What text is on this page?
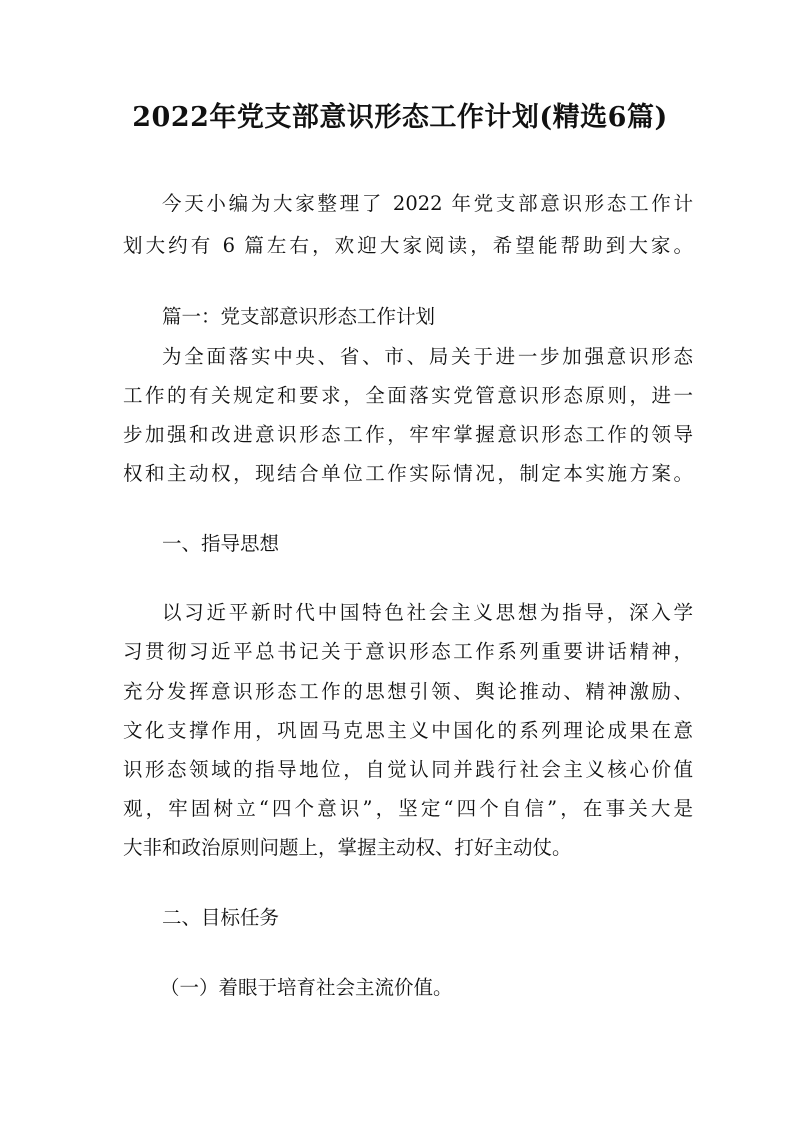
2022年党支部意识形态工作计划(精选6篇)

今天小编为大家整理了 2022 年党支部意识形态工作计

划大约有 6 篇左右，欢迎大家阅读，希望能帮助到大家。

篇一：党支部意识形态工作计划

为全面落实中央、省、市、局关于进一步加强意识形态

工作的有关规定和要求，全面落实党管意识形态原则，进一

步加强和改进意识形态工作，牢牢掌握意识形态工作的领导

权和主动权，现结合单位工作实际情况，制定本实施方案。

一、指导思想

以习近平新时代中国特色社会主义思想为指导，深入学

习贯彻习近平总书记关于意识形态工作系列重要讲话精神，

充分发挥意识形态工作的思想引领、舆论推动、精神激励、

文化支撑作用，巩固马克思主义中国化的系列理论成果在意

识形态领域的指导地位，自觉认同并践行社会主义核心价值

观，牢固树立“四个意识”，坚定“四个自信”，在事关大是

大非和政治原则问题上，掌握主动权、打好主动仗。

二、目标任务

（一）着眼于培育社会主流价值。
